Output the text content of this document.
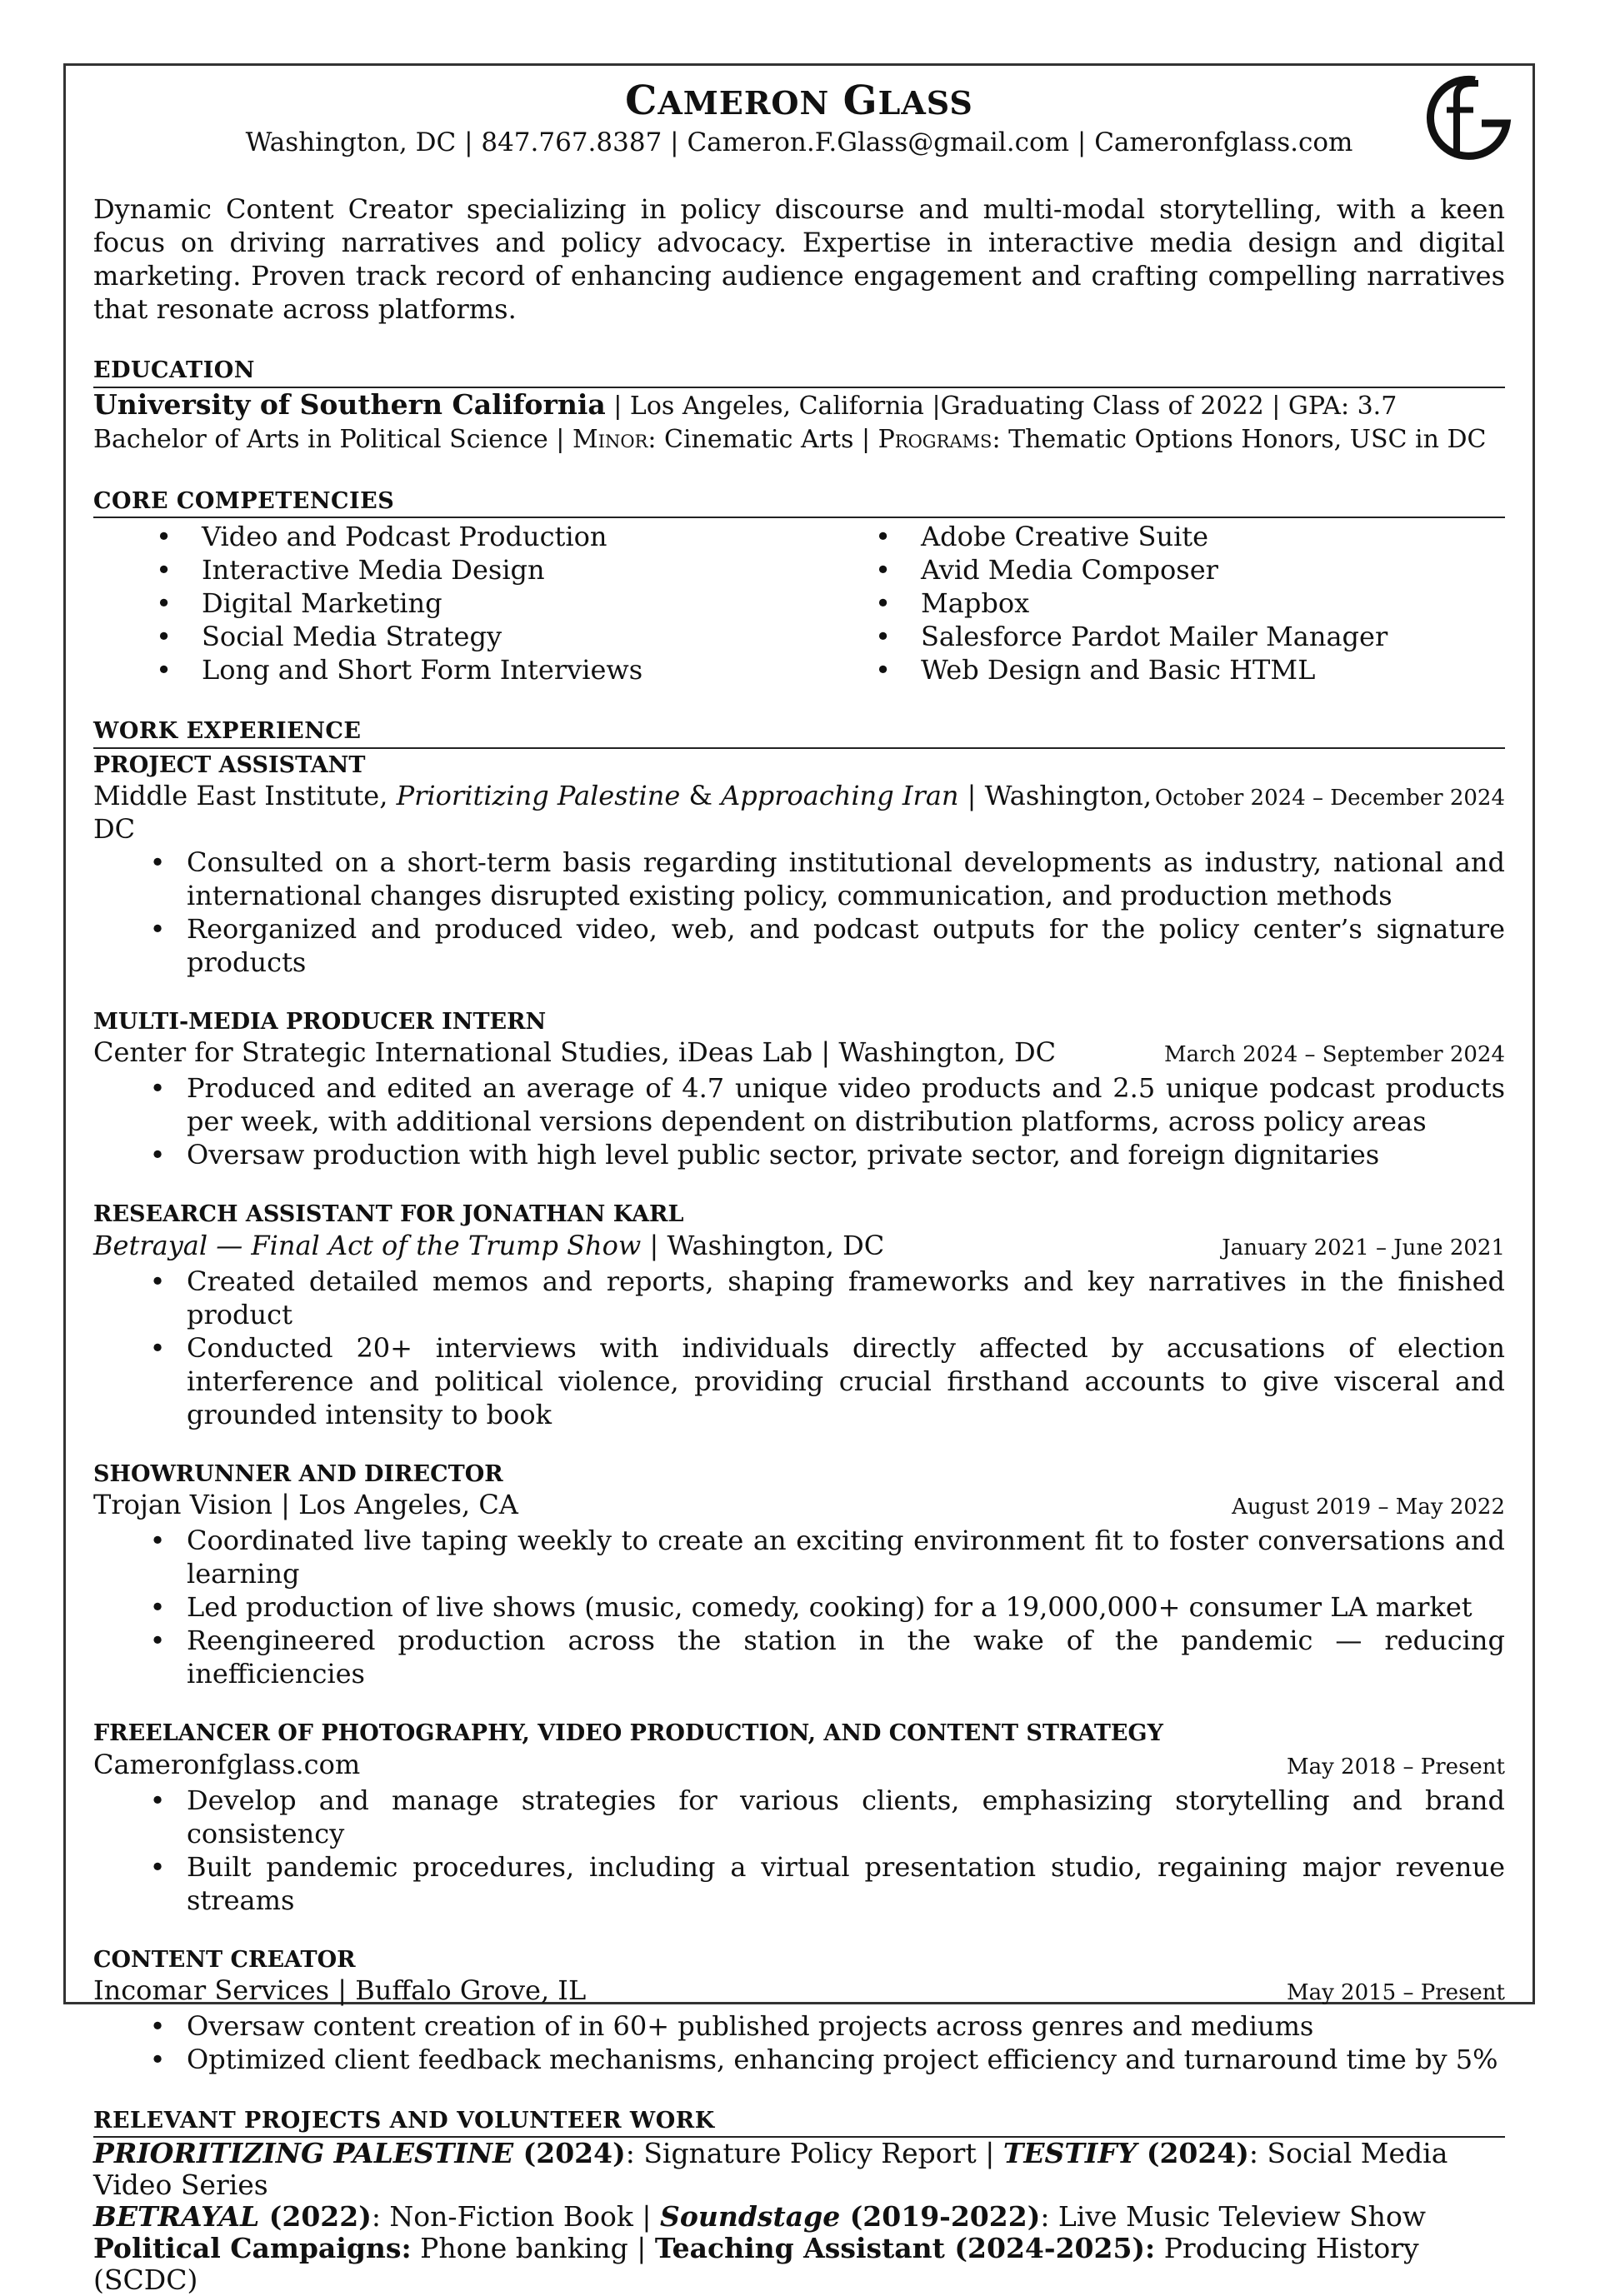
CAMERON GLASS
Washington, DC | 847.767.8387 | Cameron.F.Glass@gmail.com | Cameronfglass.com
Dynamic Content Creator specializing in policy discourse and multi-modal storytelling, with a keen focus on driving narratives and policy advocacy. Expertise in interactive media design and digital marketing. Proven track record of enhancing audience engagement and crafting compelling narratives that resonate across platforms.
EDUCATION
University of Southern California | Los Angeles, California |Graduating Class of 2022 | GPA: 3.7
Bachelor of Arts in Political Science | Minor: Cinematic Arts | Programs: Thematic Options Honors, USC in DC
CORE COMPETENCIES
•	Video and Podcast Production
•	Interactive Media Design
•	Digital Marketing
•	Social Media Strategy
•	Long and Short Form Interviews
•	Adobe Creative Suite
•	Avid Media Composer
•	Mapbox
•	Salesforce Pardot Mailer Manager
•	Web Design and Basic HTML
WORK EXPERIENCE
PROJECT ASSISTANT
Middle East Institute, Prioritizing Palestine & Approaching Iran | Washington, DC
October 2024 – December 2024
• Consulted on a short-term basis regarding institutional developments as industry, national and international changes disrupted existing policy, communication, and production methods
• Reorganized and produced video, web, and podcast outputs for the policy center’s signature products
MULTI-MEDIA PRODUCER INTERN
Center for Strategic International Studies, iDeas Lab | Washington, DC	March 2024 – September 2024
• Produced and edited an average of 4.7 unique video products and 2.5 unique podcast products per week, with additional versions dependent on distribution platforms, across policy areas
• Oversaw production with high level public sector, private sector, and foreign dignitaries
RESEARCH ASSISTANT FOR JONATHAN KARL
Betrayal — Final Act of the Trump Show | Washington, DC	January 2021 – June 2021
• Created detailed memos and reports, shaping frameworks and key narratives in the finished product
• Conducted 20+ interviews with individuals directly affected by accusations of election interference and political violence, providing crucial firsthand accounts to give visceral and grounded intensity to book
SHOWRUNNER AND DIRECTOR
Trojan Vision | Los Angeles, CA	August 2019 – May 2022
• Coordinated live taping weekly to create an exciting environment fit to foster conversations and learning
• Led production of live shows (music, comedy, cooking) for a 19,000,000+ consumer LA market
• Reengineered production across the station in the wake of the pandemic — reducing inefficiencies
FREELANCER OF PHOTOGRAPHY, VIDEO PRODUCTION, AND CONTENT STRATEGY
Cameronfglass.com	May 2018 – Present
• Develop and manage strategies for various clients, emphasizing storytelling and brand consistency
• Built pandemic procedures, including a virtual presentation studio, regaining major revenue streams
CONTENT CREATOR
Incomar Services | Buffalo Grove, IL	May 2015 – Present
• Oversaw content creation of in 60+ published projects across genres and mediums
• Optimized client feedback mechanisms, enhancing project efficiency and turnaround time by 5%
RELEVANT PROJECTS AND VOLUNTEER WORK
PRIORITIZING PALESTINE (2024): Signature Policy Report | TESTIFY (2024): Social Media Video Series
BETRAYAL (2022): Non-Fiction Book | Soundstage (2019-2022): Live Music Teleview Show
Political Campaigns: Phone banking | Teaching Assistant (2024-2025): Producing History (SCDC)
